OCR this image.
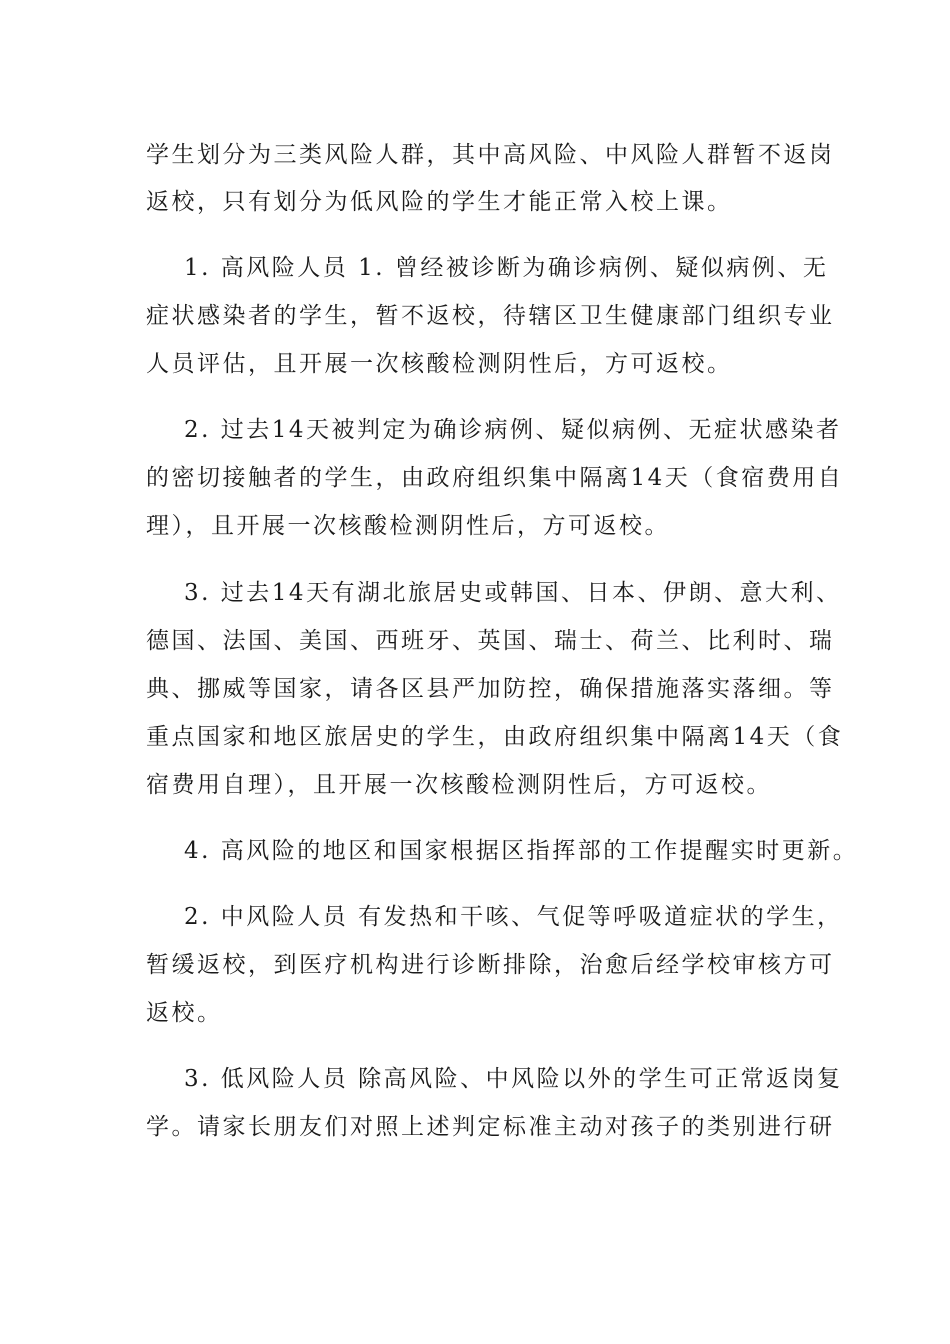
学生划分为三类风险人群，其中高风险、中风险人群暂不返岗
返校，只有划分为低风险的学生才能正常入校上课。
1. 高风险人员 1. 曾经被诊断为确诊病例、疑似病例、无
症状感染者的学生，暂不返校，待辖区卫生健康部门组织专业
人员评估，且开展一次核酸检测阴性后，方可返校。
2. 过去14天被判定为确诊病例、疑似病例、无症状感染者
的密切接触者的学生，由政府组织集中隔离14天（食宿费用自
理），且开展一次核酸检测阴性后，方可返校。
3. 过去14天有湖北旅居史或韩国、日本、伊朗、意大利、
德国、法国、美国、西班牙、英国、瑞士、荷兰、比利时、瑞
典、挪威等国家，请各区县严加防控，确保措施落实落细。等
重点国家和地区旅居史的学生，由政府组织集中隔离14天（食
宿费用自理），且开展一次核酸检测阴性后，方可返校。
4. 高风险的地区和国家根据区指挥部的工作提醒实时更新。
2. 中风险人员 有发热和干咳、气促等呼吸道症状的学生，
暂缓返校，到医疗机构进行诊断排除，治愈后经学校审核方可
返校。
3. 低风险人员 除高风险、中风险以外的学生可正常返岗复
学。请家长朋友们对照上述判定标准主动对孩子的类别进行研
